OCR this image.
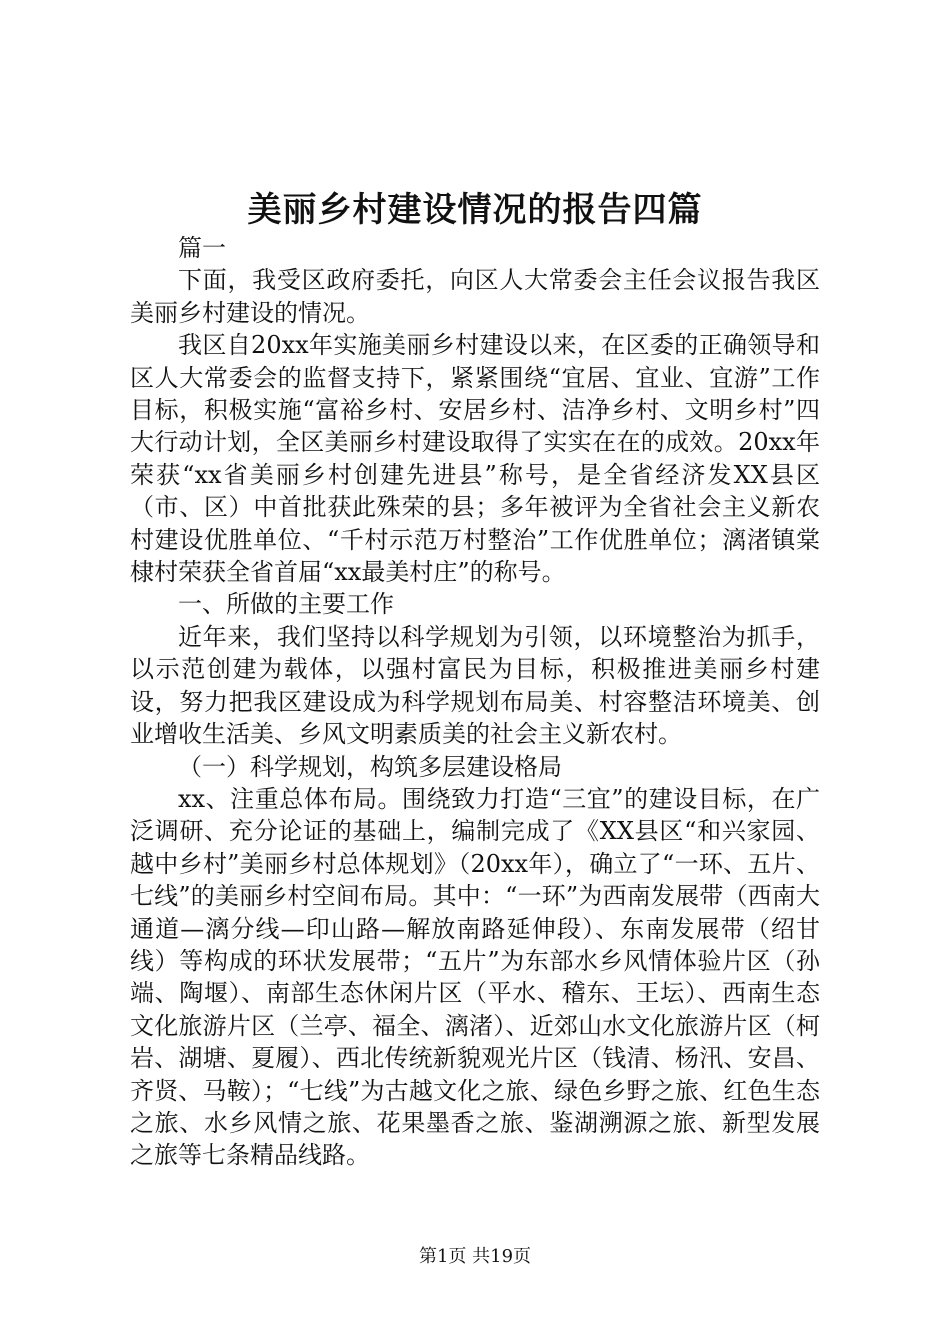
美丽乡村建设情况的报告四篇

篇一

下面，我受区政府委托，向区人大常委会主任会议报告我区美丽乡村建设的情况。

我区自20xx年实施美丽乡村建设以来，在区委的正确领导和区人大常委会的监督支持下，紧紧围绕“宜居、宜业、宜游”工作目标，积极实施“富裕乡村、安居乡村、洁净乡村、文明乡村”四大行动计划，全区美丽乡村建设取得了实实在在的成效。20xx年荣获“xx省美丽乡村创建先进县”称号，是全省经济发XX县区（市、区）中首批获此殊荣的县；多年被评为全省社会主义新农村建设优胜单位、“千村示范万村整治”工作优胜单位；漓渚镇棠棣村荣获全省首届“xx最美村庄”的称号。

一、所做的主要工作

近年来，我们坚持以科学规划为引领，以环境整治为抓手，以示范创建为载体，以强村富民为目标，积极推进美丽乡村建设，努力把我区建设成为科学规划布局美、村容整洁环境美、创业增收生活美、乡风文明素质美的社会主义新农村。

（一）科学规划，构筑多层建设格局

xx、注重总体布局。围绕致力打造“三宜”的建设目标，在广泛调研、充分论证的基础上，编制完成了《XX县区“和兴家园、越中乡村”美丽乡村总体规划》（20xx年），确立了“一环、五片、七线”的美丽乡村空间布局。其中：“一环”为西南发展带（西南大通道—漓分线—印山路—解放南路延伸段）、东南发展带（绍甘线）等构成的环状发展带；“五片”为东部水乡风情体验片区（孙端、陶堰）、南部生态休闲片区（平水、稽东、王坛）、西南生态文化旅游片区（兰亭、福全、漓渚）、近郊山水文化旅游片区（柯岩、湖塘、夏履）、西北传统新貌观光片区（钱清、杨汛、安昌、齐贤、马鞍）；“七线”为古越文化之旅、绿色乡野之旅、红色生态之旅、水乡风情之旅、花果墨香之旅、鉴湖溯源之旅、新型发展之旅等七条精品线路。

第1页 共19页
